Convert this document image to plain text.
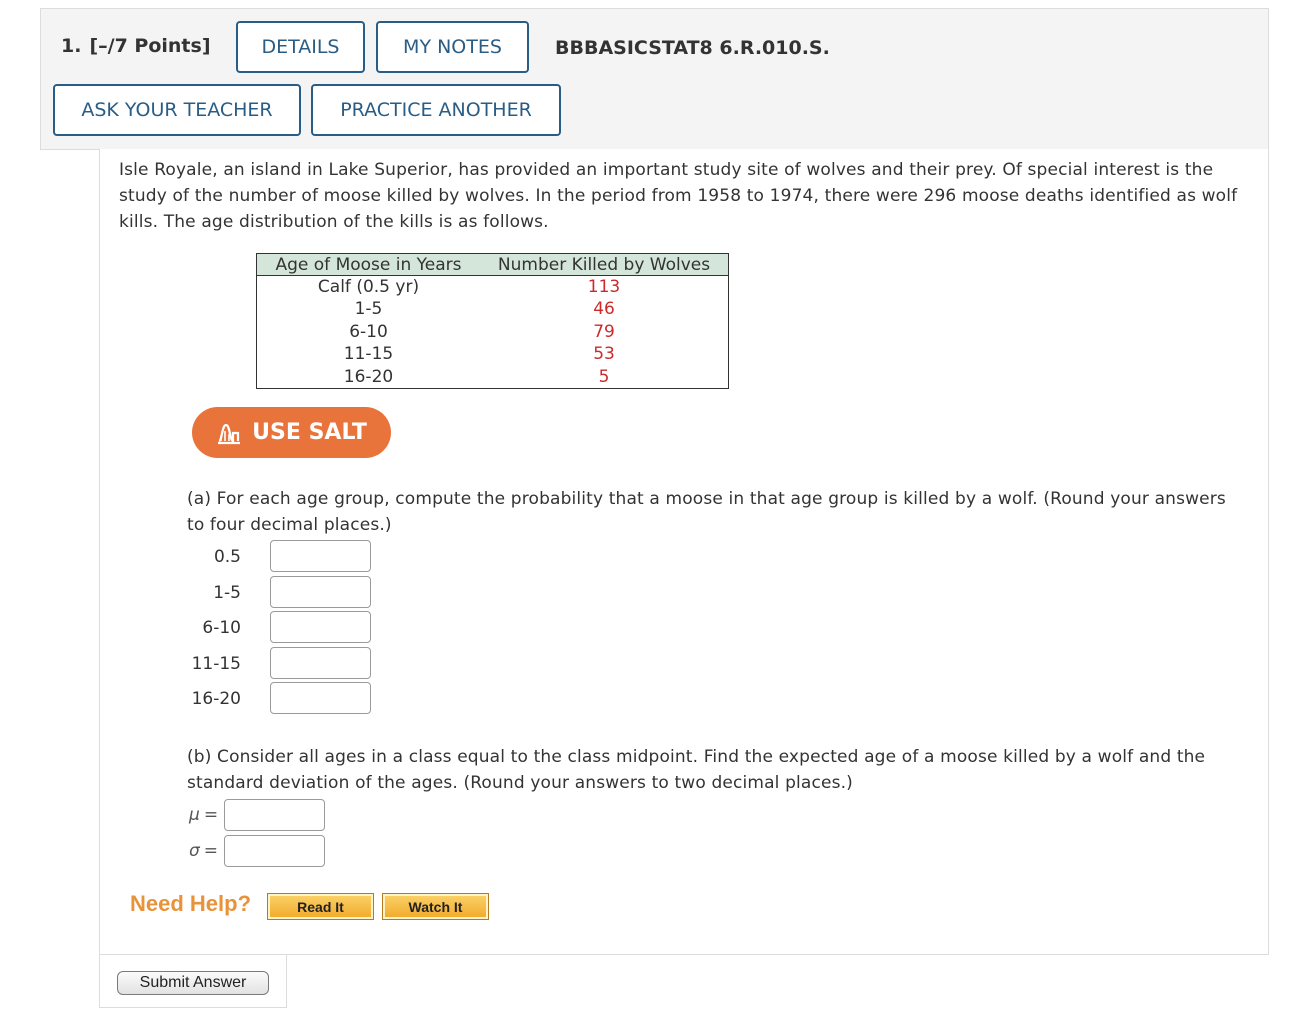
1. [–/7 Points]	DETAILS	MY NOTES	BBBASICSTAT8 6.R.010.S.
ASK YOUR TEACHER	PRACTICE ANOTHER
Isle Royale, an island in Lake Superior, has provided an important study site of wolves and their prey. Of special interest is the study of the number of moose killed by wolves. In the period from 1958 to 1974, there were 296 moose deaths identified as wolf kills. The age distribution of the kills is as follows.
Age of Moose in Years	Number Killed by Wolves
Calf (0.5 yr)	113
1-5	46
6-10	79
11-15	53
16-20	5
USE SALT
(a) For each age group, compute the probability that a moose in that age group is killed by a wolf. (Round your answers to four decimal places.)
0.5
1-5
6-10
11-15
16-20
(b) Consider all ages in a class equal to the class midpoint. Find the expected age of a moose killed by a wolf and the standard deviation of the ages. (Round your answers to two decimal places.)
μ =
σ =
Need Help?	Read It	Watch It
Submit Answer
